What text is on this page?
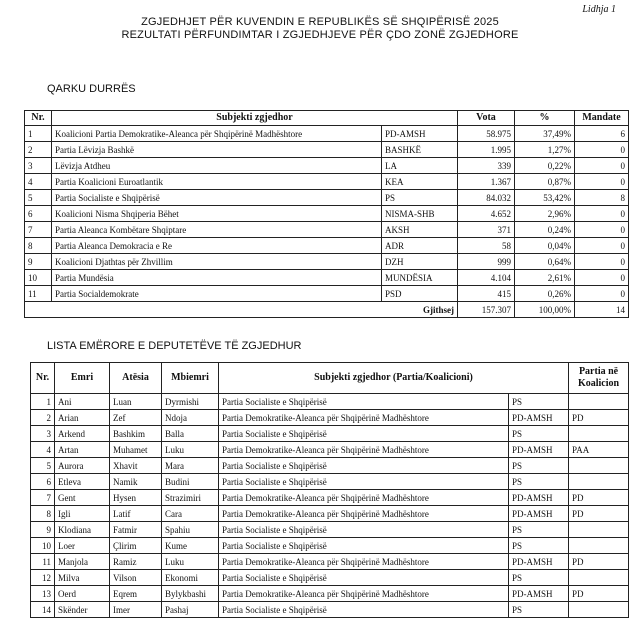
Lidhja 1
ZGJEDHJET PËR KUVENDIN E REPUBLIKËS SË SHQIPËRISË 2025
REZULTATI PËRFUNDIMTAR I ZGJEDHJEVE PËR ÇDO ZONË ZGJEDHORE
QARKU DURRËS
Nr.	Subjekti zgjedhor		Vota	%	Mandate
1	Koalicioni Partia Demokratike-Aleanca për Shqipërinë Madhështore	PD-AMSH	58.975	37,49%	6
2	Partia Lëvizja Bashkë	BASHKË	1.995	1,27%	0
3	Lëvizja Atdheu	LA	339	0,22%	0
4	Partia Koalicioni Euroatlantik	KEA	1.367	0,87%	0
5	Partia Socialiste e Shqipërisë	PS	84.032	53,42%	8
6	Koalicioni Nisma Shqiperia Bëhet	NISMA-SHB	4.652	2,96%	0
7	Partia Aleanca Kombëtare Shqiptare	AKSH	371	0,24%	0
8	Partia Aleanca Demokracia e Re	ADR	58	0,04%	0
9	Koalicioni Djathtas për Zhvillim	DZH	999	0,64%	0
10	Partia Mundësia	MUNDËSIA	4.104	2,61%	0
11	Partia Socialdemokrate	PSD	415	0,26%	0
Gjithsej			157.307	100,00%	14
LISTA EMËRORE E DEPUTETËVE TË ZGJEDHUR
Nr.	Emri	Atësia	Mbiemri	Subjekti zgjedhor (Partia/Koalicioni)		Partia në Koalicion
1	Ani	Luan	Dyrmishi	Partia Socialiste e Shqipërisë	PS	
2	Arian	Zef	Ndoja	Partia Demokratike-Aleanca për Shqipërinë Madhështore	PD-AMSH	PD
3	Arkend	Bashkim	Balla	Partia Socialiste e Shqipërisë	PS	
4	Artan	Muhamet	Luku	Partia Demokratike-Aleanca për Shqipërinë Madhështore	PD-AMSH	PAA
5	Aurora	Xhavit	Mara	Partia Socialiste e Shqipërisë	PS	
6	Etleva	Namik	Budini	Partia Socialiste e Shqipërisë	PS	
7	Gent	Hysen	Strazimiri	Partia Demokratike-Aleanca për Shqipërinë Madhështore	PD-AMSH	PD
8	Igli	Latif	Cara	Partia Demokratike-Aleanca për Shqipërinë Madhështore	PD-AMSH	PD
9	Klodiana	Fatmir	Spahiu	Partia Socialiste e Shqipërisë	PS	
10	Loer	Çlirim	Kume	Partia Socialiste e Shqipërisë	PS	
11	Manjola	Ramiz	Luku	Partia Demokratike-Aleanca për Shqipërinë Madhështore	PD-AMSH	PD
12	Milva	Vilson	Ekonomi	Partia Socialiste e Shqipërisë	PS	
13	Oerd	Eqrem	Bylykbashi	Partia Demokratike-Aleanca për Shqipërinë Madhështore	PD-AMSH	PD
14	Skënder	Imer	Pashaj	Partia Socialiste e Shqipërisë	PS	
